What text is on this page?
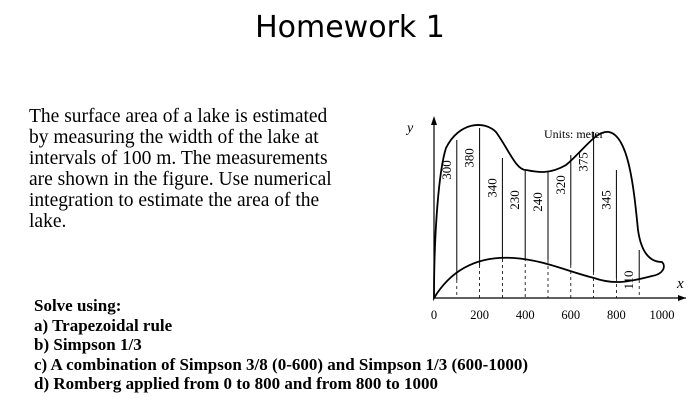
Homework 1
The surface area of a lake is estimated
by measuring the width of the lake at
intervals of 100 m. The measurements
are shown in the figure. Use numerical
integration to estimate the area of the
lake.
300
380
340
230 240
320
375
345
110
0	200 400 600 800 1000
Units: meter
y
x
Solve using:
a) Trapezoidal rule
b) Simpson 1/3
c) A combination of Simpson 3/8 (0-600) and Simpson 1/3 (600-1000)
d) Romberg applied from 0 to 800 and from 800 to 1000
